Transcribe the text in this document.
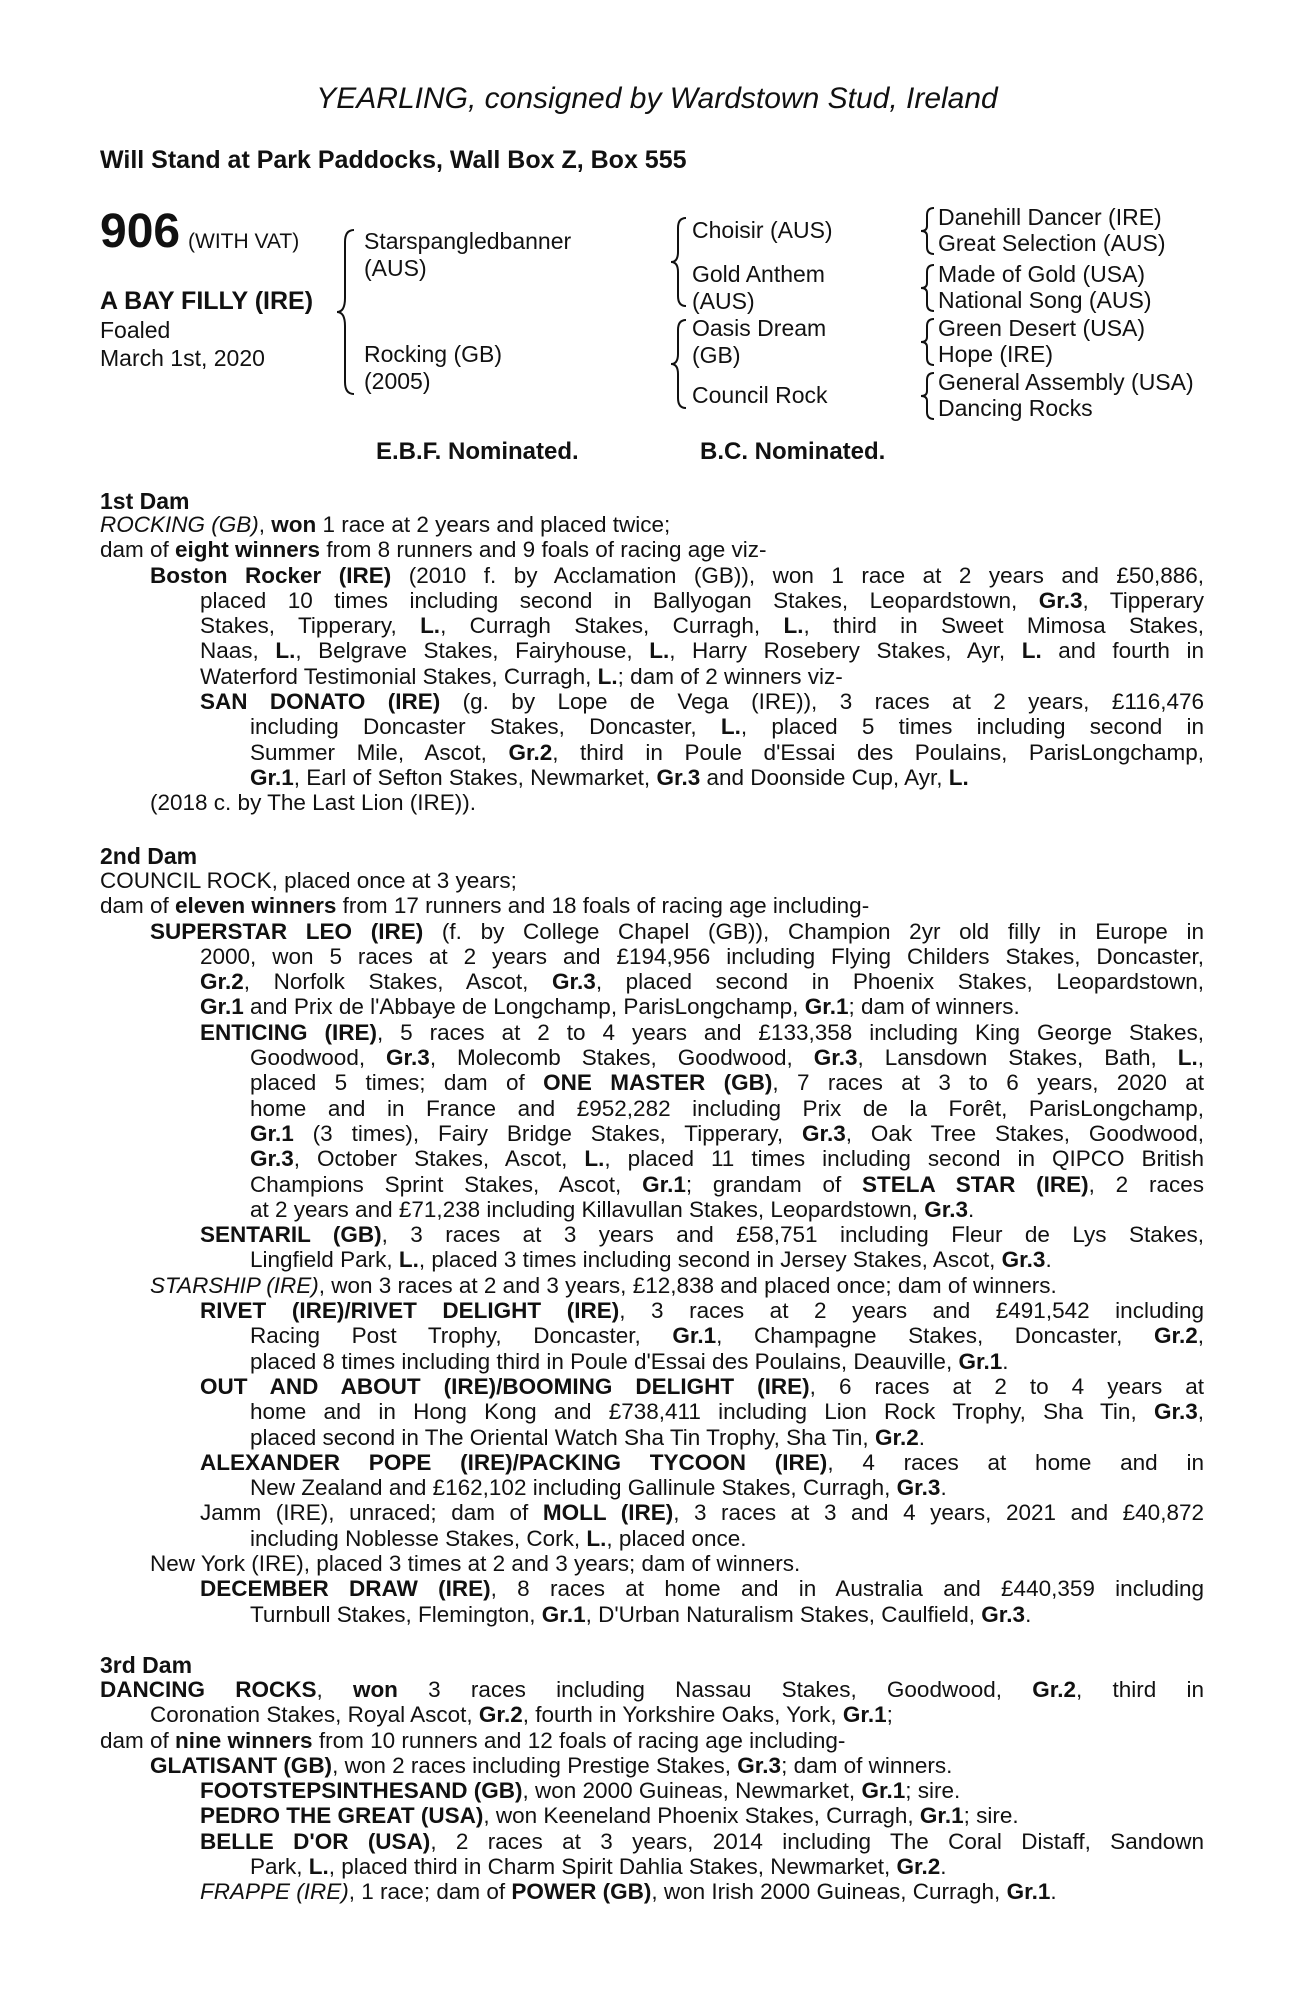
YEARLING, consigned by Wardstown Stud, Ireland
Will Stand at Park Paddocks, Wall Box Z, Box 555
906 (WITH VAT)
A BAY FILLY (IRE)
Foaled
March 1st, 2020
Starspangledbanner
(AUS)
Rocking (GB)
(2005)
Choisir (AUS)
Gold Anthem
(AUS)
Oasis Dream
(GB)
Council Rock
Danehill Dancer (IRE)
Great Selection (AUS)
Made of Gold (USA)
National Song (AUS)
Green Desert (USA)
Hope (IRE)
General Assembly (USA)
Dancing Rocks
E.B.F. Nominated.	B.C. Nominated.
1st Dam
ROCKING (GB), won 1 race at 2 years and placed twice;
dam of eight winners from 8 runners and 9 foals of racing age viz-
Boston Rocker (IRE) (2010 f. by Acclamation (GB)), won 1 race at 2 years and £50,886,
placed 10 times including second in Ballyogan Stakes, Leopardstown, Gr.3, Tipperary
Stakes, Tipperary, L., Curragh Stakes, Curragh, L., third in Sweet Mimosa Stakes,
Naas, L., Belgrave Stakes, Fairyhouse, L., Harry Rosebery Stakes, Ayr, L. and fourth in
Waterford Testimonial Stakes, Curragh, L.; dam of 2 winners viz-
SAN DONATO (IRE) (g. by Lope de Vega (IRE)), 3 races at 2 years, £116,476
including Doncaster Stakes, Doncaster, L., placed 5 times including second in
Summer Mile, Ascot, Gr.2, third in Poule d'Essai des Poulains, ParisLongchamp,
Gr.1, Earl of Sefton Stakes, Newmarket, Gr.3 and Doonside Cup, Ayr, L.
(2018 c. by The Last Lion (IRE)).
2nd Dam
COUNCIL ROCK, placed once at 3 years;
dam of eleven winners from 17 runners and 18 foals of racing age including-
SUPERSTAR LEO (IRE) (f. by College Chapel (GB)), Champion 2yr old filly in Europe in
2000, won 5 races at 2 years and £194,956 including Flying Childers Stakes, Doncaster,
Gr.2, Norfolk Stakes, Ascot, Gr.3, placed second in Phoenix Stakes, Leopardstown,
Gr.1 and Prix de l'Abbaye de Longchamp, ParisLongchamp, Gr.1; dam of winners.
ENTICING (IRE), 5 races at 2 to 4 years and £133,358 including King George Stakes,
Goodwood, Gr.3, Molecomb Stakes, Goodwood, Gr.3, Lansdown Stakes, Bath, L.,
placed 5 times; dam of ONE MASTER (GB), 7 races at 3 to 6 years, 2020 at
home and in France and £952,282 including Prix de la Forêt, ParisLongchamp,
Gr.1 (3 times), Fairy Bridge Stakes, Tipperary, Gr.3, Oak Tree Stakes, Goodwood,
Gr.3, October Stakes, Ascot, L., placed 11 times including second in QIPCO British
Champions Sprint Stakes, Ascot, Gr.1; grandam of STELA STAR (IRE), 2 races
at 2 years and £71,238 including Killavullan Stakes, Leopardstown, Gr.3.
SENTARIL (GB), 3 races at 3 years and £58,751 including Fleur de Lys Stakes,
Lingfield Park, L., placed 3 times including second in Jersey Stakes, Ascot, Gr.3.
STARSHIP (IRE), won 3 races at 2 and 3 years, £12,838 and placed once; dam of winners.
RIVET (IRE)/RIVET DELIGHT (IRE), 3 races at 2 years and £491,542 including
Racing Post Trophy, Doncaster, Gr.1, Champagne Stakes, Doncaster, Gr.2,
placed 8 times including third in Poule d'Essai des Poulains, Deauville, Gr.1.
OUT AND ABOUT (IRE)/BOOMING DELIGHT (IRE), 6 races at 2 to 4 years at
home and in Hong Kong and £738,411 including Lion Rock Trophy, Sha Tin, Gr.3,
placed second in The Oriental Watch Sha Tin Trophy, Sha Tin, Gr.2.
ALEXANDER POPE (IRE)/PACKING TYCOON (IRE), 4 races at home and in
New Zealand and £162,102 including Gallinule Stakes, Curragh, Gr.3.
Jamm (IRE), unraced; dam of MOLL (IRE), 3 races at 3 and 4 years, 2021 and £40,872
including Noblesse Stakes, Cork, L., placed once.
New York (IRE), placed 3 times at 2 and 3 years; dam of winners.
DECEMBER DRAW (IRE), 8 races at home and in Australia and £440,359 including
Turnbull Stakes, Flemington, Gr.1, D'Urban Naturalism Stakes, Caulfield, Gr.3.
3rd Dam
DANCING ROCKS, won 3 races including Nassau Stakes, Goodwood, Gr.2, third in
Coronation Stakes, Royal Ascot, Gr.2, fourth in Yorkshire Oaks, York, Gr.1;
dam of nine winners from 10 runners and 12 foals of racing age including-
GLATISANT (GB), won 2 races including Prestige Stakes, Gr.3; dam of winners.
FOOTSTEPSINTHESAND (GB), won 2000 Guineas, Newmarket, Gr.1; sire.
PEDRO THE GREAT (USA), won Keeneland Phoenix Stakes, Curragh, Gr.1; sire.
BELLE D'OR (USA), 2 races at 3 years, 2014 including The Coral Distaff, Sandown
Park, L., placed third in Charm Spirit Dahlia Stakes, Newmarket, Gr.2.
FRAPPE (IRE), 1 race; dam of POWER (GB), won Irish 2000 Guineas, Curragh, Gr.1.
